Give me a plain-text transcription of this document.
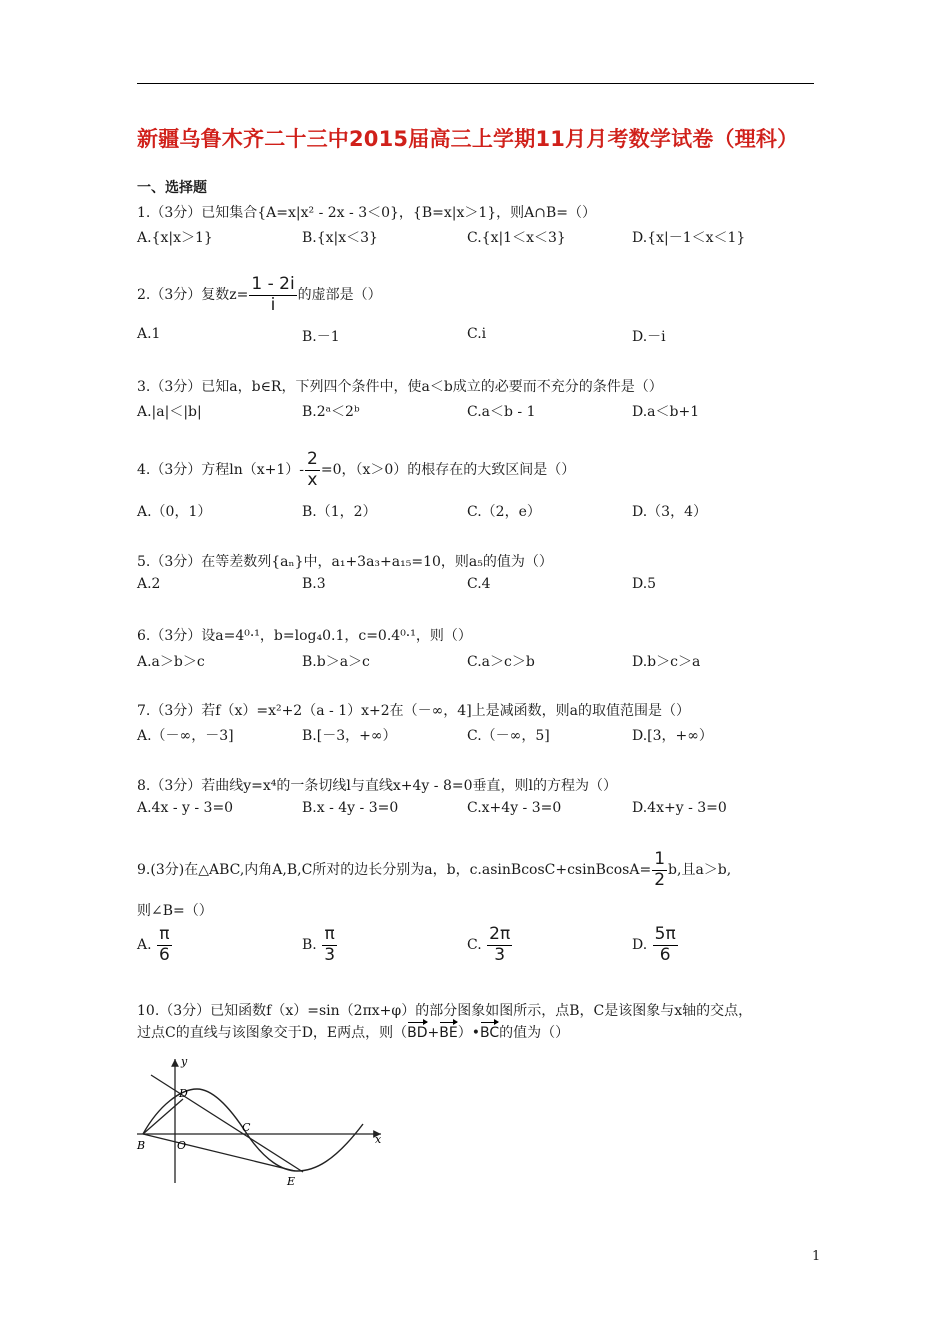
新疆乌鲁木齐二十三中2015届高三上学期11月月考数学试卷（理科）
一、选择题
1.（3分）已知集合{A=x|x² - 2x - 3＜0}，{B=x|x＞1}，则A∩B=（）
A.{x|x＞1}	B.{x|x＜3}	C.{x|1＜x＜3}	D.{x|－1＜x＜1}
2.（3分）复数$z= \frac{1 - 2i}{i}$ 的虚部是（）
A.1	B.－1	C.i	D.－i
3.（3分）已知a，b∈R，下列四个条件中，使a＜b成立的必要而不充分的条件是（）
A.|a|＜|b|	B.2ᵃ＜2ᵇ	C.a＜b - 1	D.a＜b+1
4.（3分）方程$\ln(x+1)- \frac{2}{x} =0$，（x＞0）的根存在的大致区间是（）
A.（0，1）	B.（1，2）	C.（2，e）	D.（3，4）
5.（3分）在等差数列{aₙ}中，a₁+3a₃+a₁₅=10，则a₅的值为（）
A.2	B.3	C.4	D.5
6.（3分）设a=4⁰·¹，b=log₄0.1，c=0.4⁰·¹，则（）
A.a＞b＞c	B.b＞a＞c	C.a＞c＞b	D.b＞c＞a
7.（3分）若f（x）=x²+2（a - 1）x+2在（－∞，4]上是减函数，则a的取值范围是（）
A.（－∞，－3]	B.[－3，+∞）	C.（－∞，5]	D.[3，+∞）
8.（3分）若曲线y=x⁴的一条切线l与直线x+4y - 8=0垂直，则l的方程为（）
A.4x - y - 3=0	B.x - 4y - 3=0	C.x+4y - 3=0	D.4x+y - 3=0
9.(3分)在△ABC,内角A,B,C所对的边长分别为a，b，c.asinBcosC+csinBcosA= $\frac{1}{2} b$,且a＞b,
则∠B=（）
A. $\frac{\pi}{6}$	B. $\frac{\pi}{3}$	C. $\frac{2\pi}{3}$	D. $\frac{5\pi}{6}$
10.（3分）已知函数f（x）=sin（2πx+φ）的部分图象如图所示，点B，C是该图象与x轴的交点，
过点C的直线与该图象交于D，E两点，则（BD+BE）•BC的值为（）
y
x
O
B
C
D
E
1
